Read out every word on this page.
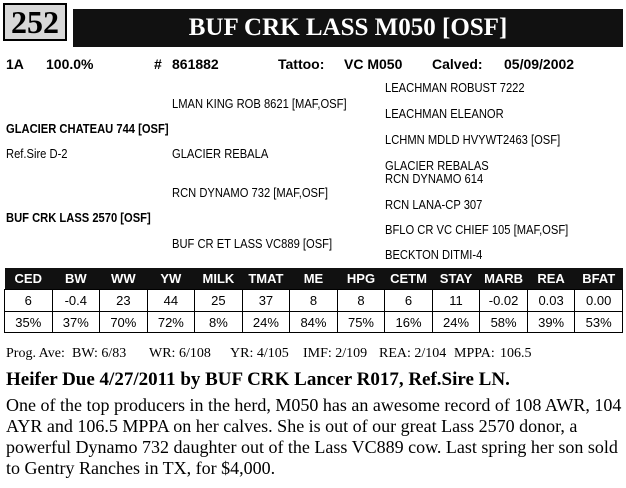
252	BUF CRK LASS M050 [OSF]
1A 100.0%	# 861882	Tattoo: VC M050 Calved: 05/09/2002
LEACHMAN ROBUST 7222
LEACHMAN ELEANOR
LCHMN MDLD HVYWT2463 [OSF]
GLACIER REBALAS
RCN DYNAMO 614
RCN LANA-CP 307
BFLO CR VC CHIEF 105 [MAF,OSF]
BECKTON DITMI-4
LMAN KING ROB 8621 [MAF,OSF]
GLACIER REBALA
RCN DYNAMO 732 [MAF,OSF]
BUF CR ET LASS VC889 [OSF]
GLACIER CHATEAU 744 [OSF]
Ref.Sire D-2
BUF CRK LASS 2570 [OSF]
CED	BW	WW	YW	MILK	TMAT	ME	HPG	CETM	STAY	MARB	REA	BFAT
6	-0.4	23	44	25	37	8	8	6	11	-0.02	0.03	0.00
35%	37%	70%	72%	8%	24%	84%	75%	16%	24%	58%	39%	53%
Prog. Ave: BW: 6/83 WR: 6/108 YR: 4/105 IMF: 2/109 REA: 2/104 MPPA: 106.5
Heifer Due 4/27/2011 by BUF CRK Lancer R017, Ref.Sire LN.
One of the top producers in the herd, M050 has an awesome record of 108 AWR, 104 AYR and 106.5 MPPA on her calves. She is out of our great Lass 2570 donor, a powerful Dynamo 732 daughter out of the Lass VC889 cow. Last spring her son sold to Gentry Ranches in TX, for $4,000.
